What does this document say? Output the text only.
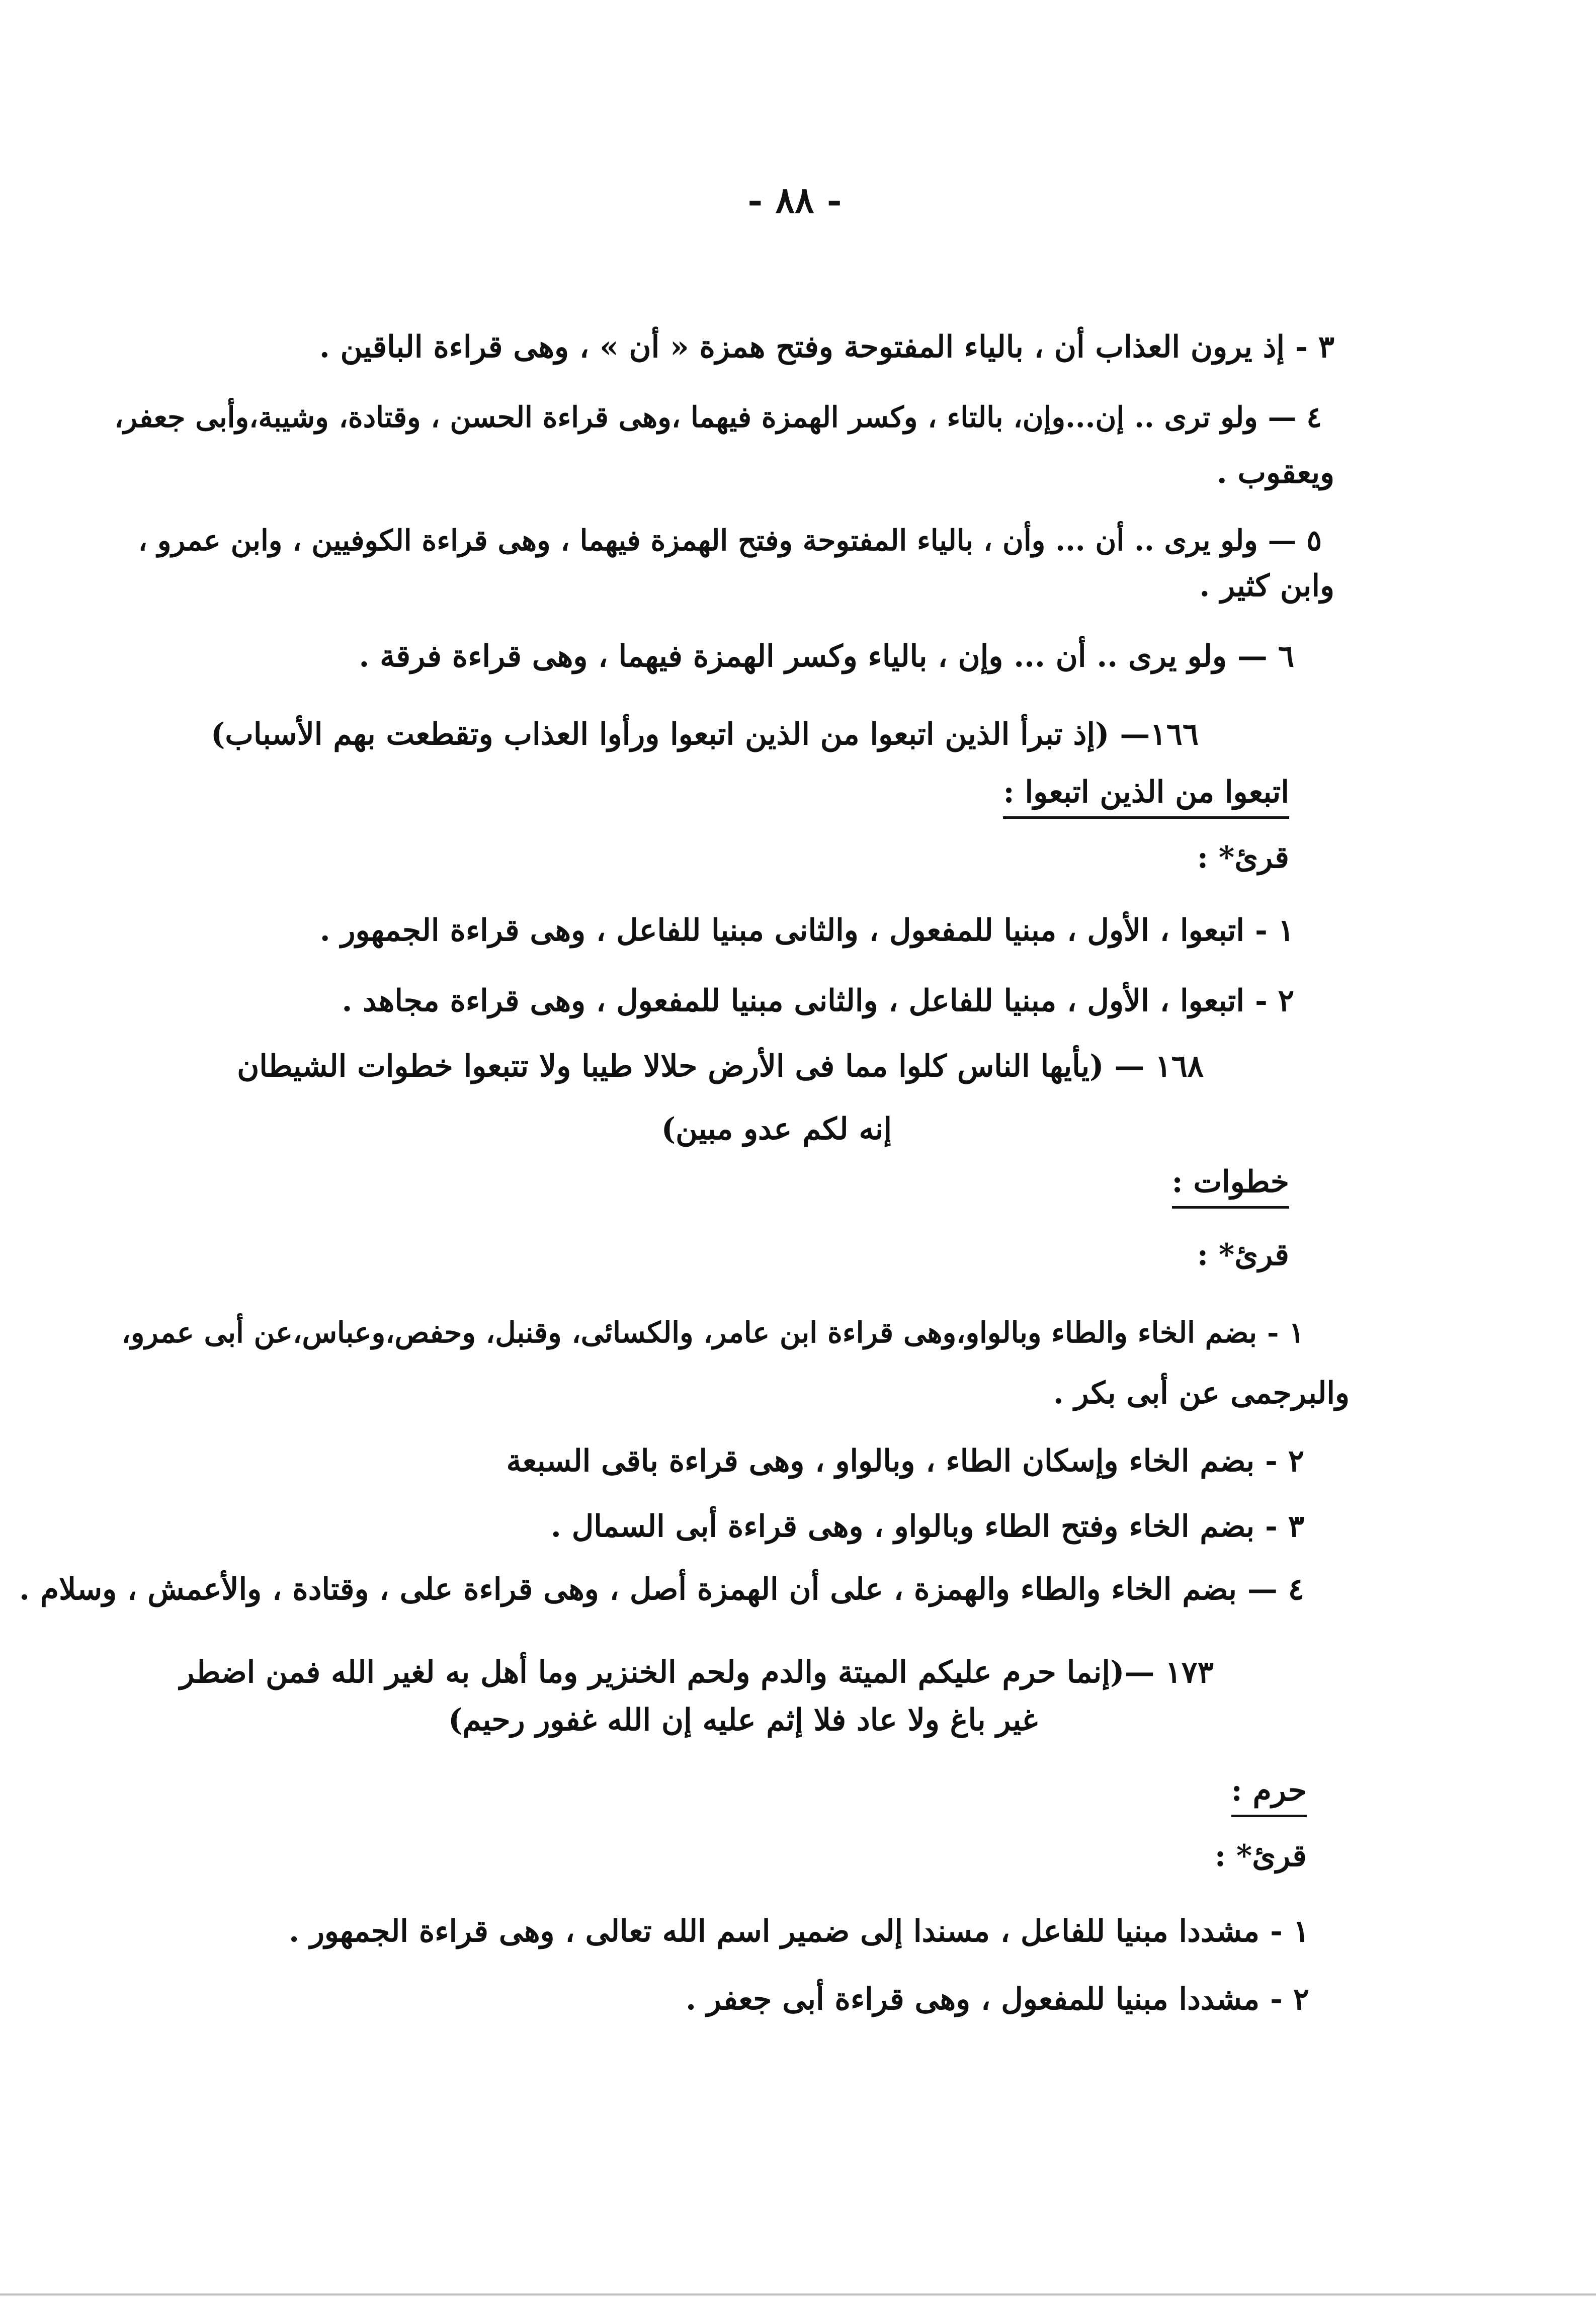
- ٨٨ -
٣ - إذ يرون العذاب أن ، بالياء المفتوحة وفتح همزة « أن » ، وهى قراءة الباقين .
٤ — ولو ترى .. إن...وإن، بالتاء ، وكسر الهمزة فيهما ،وهى قراءة الحسن ، وقتادة، وشيبة،وأبى جعفر،
ويعقوب .
٥ — ولو يرى .. أن ... وأن ، بالياء المفتوحة وفتح الهمزة فيهما ، وهى قراءة الكوفيين ، وابن عمرو ،
وابن كثير .
٦ — ولو يرى .. أن ... وإن ، بالياء وكسر الهمزة فيهما ، وهى قراءة فرقة .
١٦٦— (إذ تبرأ الذين اتبعوا من الذين اتبعوا ورأوا العذاب وتقطعت بهم الأسباب)
اتبعوا من الذين اتبعوا :
قرئ* :
١ - اتبعوا ، الأول ، مبنيا للمفعول ، والثانى مبنيا للفاعل ، وهى قراءة الجمهور .
٢ - اتبعوا ، الأول ، مبنيا للفاعل ، والثانى مبنيا للمفعول ، وهى قراءة مجاهد .
١٦٨ — (يأيها الناس كلوا مما فى الأرض حلالا طيبا ولا تتبعوا خطوات الشيطان
إنه لكم عدو مبين)
خطوات :
قرئ* :
١ - بضم الخاء والطاء وبالواو،وهى قراءة ابن عامر، والكسائى، وقنبل، وحفص،وعباس،عن أبى عمرو،
والبرجمى عن أبى بكر .
٢ - بضم الخاء وإسكان الطاء ، وبالواو ، وهى قراءة باقى السبعة
٣ - بضم الخاء وفتح الطاء وبالواو ، وهى قراءة أبى السمال .
٤ — بضم الخاء والطاء والهمزة ، على أن الهمزة أصل ، وهى قراءة على ، وقتادة ، والأعمش ، وسلام .
١٧٣ —(إنما حرم عليكم الميتة والدم ولحم الخنزير وما أهل به لغير الله فمن اضطر
غير باغ ولا عاد فلا إثم عليه إن الله غفور رحيم)
حرم :
قرئ* :
١ - مشددا مبنيا للفاعل ، مسندا إلى ضمير اسم الله تعالى ، وهى قراءة الجمهور .
٢ - مشددا مبنيا للمفعول ، وهى قراءة أبى جعفر .
